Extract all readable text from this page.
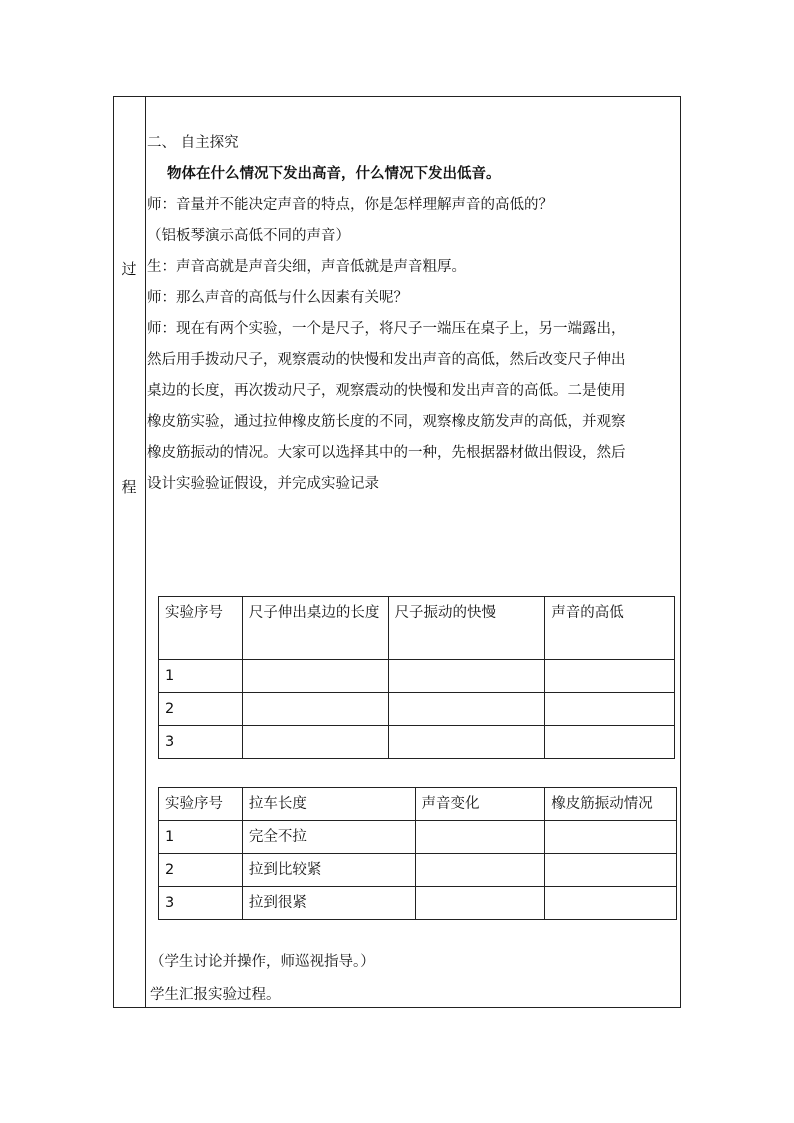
过
程
二、 自主探究
物体在什么情况下发出高音，什么情况下发出低音。
师：音量并不能决定声音的特点，你是怎样理解声音的高低的？
（铝板琴演示高低不同的声音）
生：声音高就是声音尖细，声音低就是声音粗厚。
师：那么声音的高低与什么因素有关呢？
师：现在有两个实验，一个是尺子，将尺子一端压在桌子上，另一端露出，
然后用手拨动尺子，观察震动的快慢和发出声音的高低，然后改变尺子伸出
桌边的长度，再次拨动尺子，观察震动的快慢和发出声音的高低。二是使用
橡皮筋实验，通过拉伸橡皮筋长度的不同，观察橡皮筋发声的高低，并观察
橡皮筋振动的情况。大家可以选择其中的一种，先根据器材做出假设，然后
设计实验验证假设，并完成实验记录
实验序号	尺子伸出桌边的长度	尺子振动的快慢	声音的高低
1			
2			
3			
实验序号	拉车长度	声音变化	橡皮筋振动情况
1	完全不拉		
2	拉到比较紧		
3	拉到很紧		
（学生讨论并操作，师巡视指导。）
学生汇报实验过程。
